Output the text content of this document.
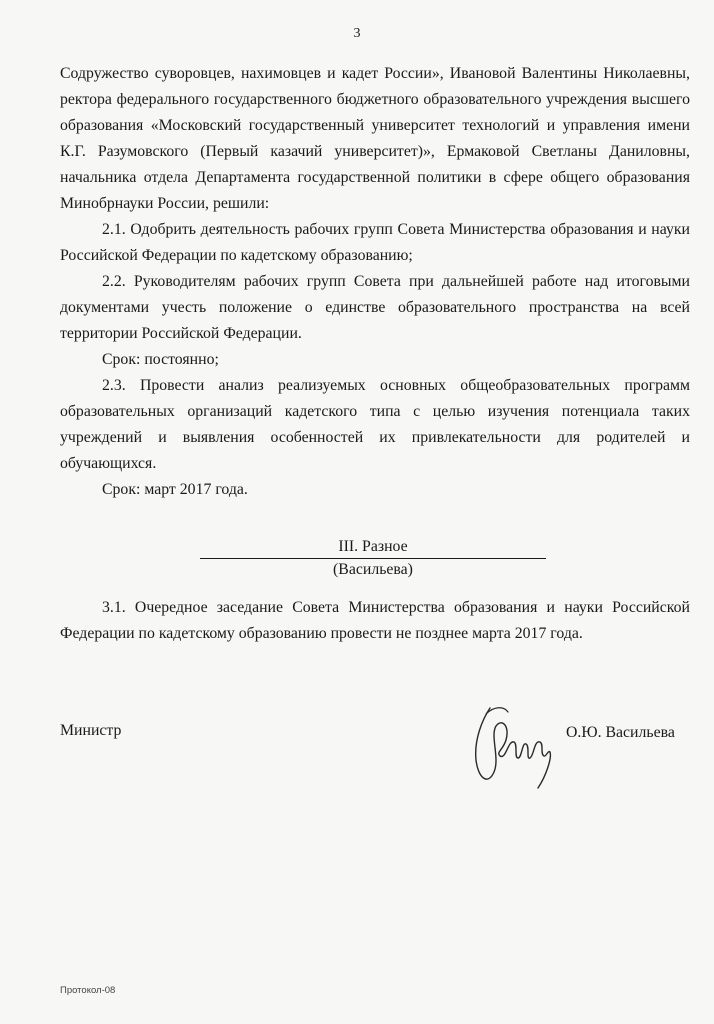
3

Содружество суворовцев, нахимовцев и кадет России», Ивановой Валентины Николаевны, ректора федерального государственного бюджетного образовательного учреждения высшего образования «Московский государственный университет технологий и управления имени К.Г. Разумовского (Первый казачий университет)», Ермаковой Светланы Даниловны, начальника отдела Департамента государственной политики в сфере общего образования Минобрнауки России, решили:

2.1. Одобрить деятельность рабочих групп Совета Министерства образования и науки Российской Федерации по кадетскому образованию;

2.2. Руководителям рабочих групп Совета при дальнейшей работе над итоговыми документами учесть положение о единстве образовательного пространства на всей территории Российской Федерации.

Срок: постоянно;

2.3. Провести анализ реализуемых основных общеобразовательных программ образовательных организаций кадетского типа с целью изучения потенциала таких учреждений и выявления особенностей их привлекательности для родителей и обучающихся.

Срок: март 2017 года.

III. Разное
(Васильева)

3.1. Очередное заседание Совета Министерства образования и науки Российской Федерации по кадетскому образованию провести не позднее марта 2017 года.

Министр	О.Ю. Васильева
Протокол-08
